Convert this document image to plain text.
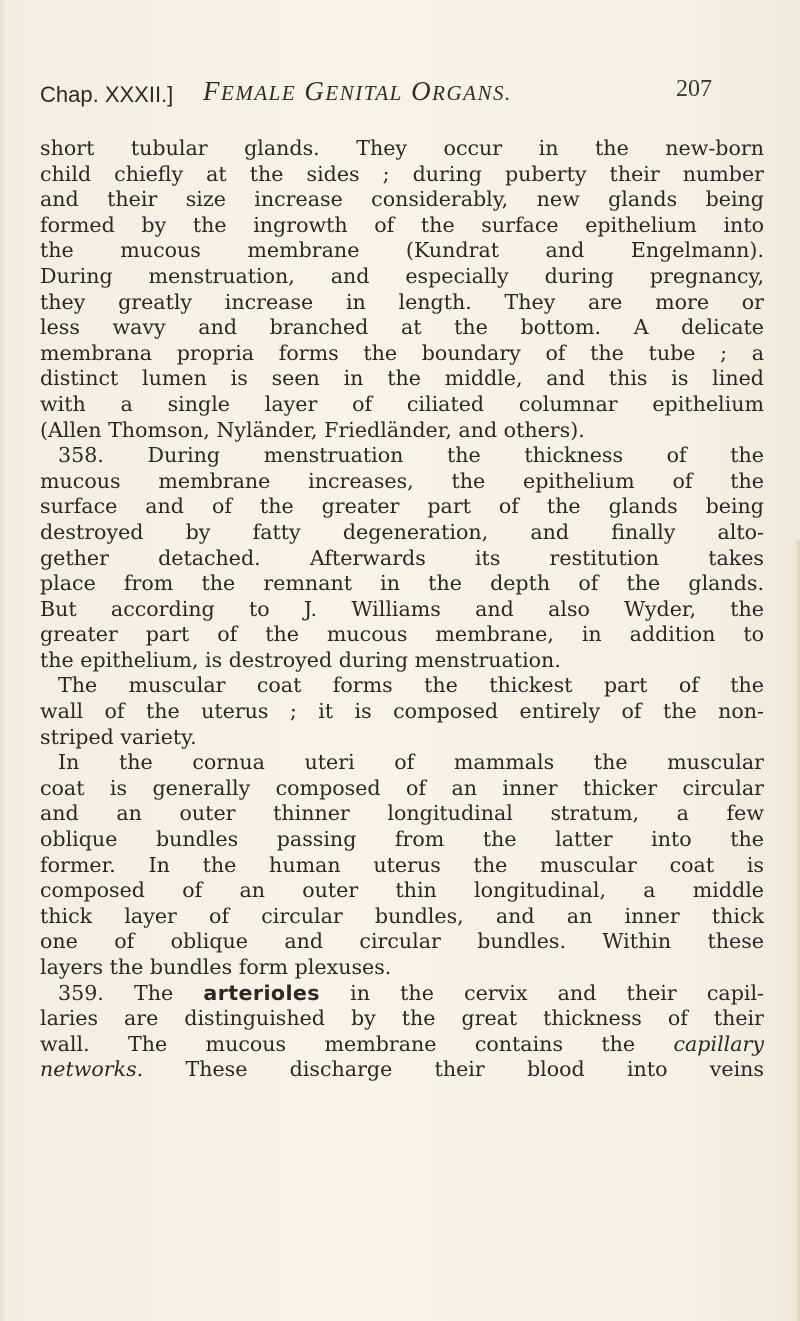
Chap. XXXII.] FEMALE GENITAL ORGANS.	207
short tubular glands. They occur in the new-born
child chiefly at the sides ; during puberty their number
and their size increase considerably, new glands being
formed by the ingrowth of the surface epithelium into
the mucous membrane (Kundrat and Engelmann).
During menstruation, and especially during pregnancy,
they greatly increase in length. They are more or
less wavy and branched at the bottom. A delicate
membrana propria forms the boundary of the tube ; a
distinct lumen is seen in the middle, and this is lined
with a single layer of ciliated columnar epithelium
(Allen Thomson, Nyländer, Friedländer, and others).
358. During menstruation the thickness of the
mucous membrane increases, the epithelium of the
surface and of the greater part of the glands being
destroyed by fatty degeneration, and finally alto-
gether detached. Afterwards its restitution takes
place from the remnant in the depth of the glands.
But according to J. Williams and also Wyder, the
greater part of the mucous membrane, in addition to
the epithelium, is destroyed during menstruation.
The muscular coat forms the thickest part of the
wall of the uterus ; it is composed entirely of the non-
striped variety.
In the cornua uteri of mammals the muscular
coat is generally composed of an inner thicker circular
and an outer thinner longitudinal stratum, a few
oblique bundles passing from the latter into the
former. In the human uterus the muscular coat is
composed of an outer thin longitudinal, a middle
thick layer of circular bundles, and an inner thick
one of oblique and circular bundles. Within these
layers the bundles form plexuses.
359. The arterioles in the cervix and their capil-
laries are distinguished by the great thickness of their
wall. The mucous membrane contains the capillary
networks. These discharge their blood into veins
